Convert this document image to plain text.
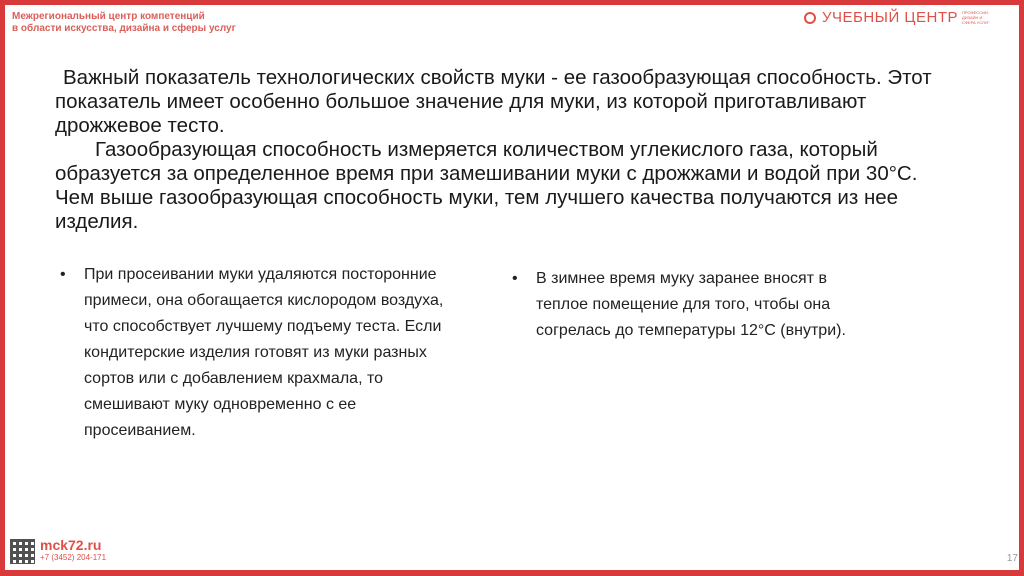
Межрегиональный центр компетенций
в области искусства, дизайна и сферы услуг
УЧЕБНЫЙ ЦЕНТР ПРОФЕССИИ, ДИЗАЙН И СФЕРА УСЛУГ

Важный показатель технологических свойств муки - ее газообразующая способность. Этот показатель имеет особенно большое значение для муки, из которой приготавливают дрожжевое тесто.

Газообразующая способность измеряется количеством углекислого газа, который образуется за определенное время при замешивании муки с дрожжами и водой при 30°С. Чем выше газообразующая способность муки, тем лучшего качества получаются из нее изделия.

• При просеивании муки удаляются посторонние примеси, она обогащается кислородом воздуха, что способствует лучшему подъему теста. Если кондитерские изделия готовят из муки разных сортов или с добавлением крахмала, то смешивают муку одновременно с ее просеиванием.
• В зимнее время муку заранее вносят в теплое помещение для того, чтобы она согрелась до температуры 12°С (внутри).
mck72.ru
+7 (3452) 204-171	17
